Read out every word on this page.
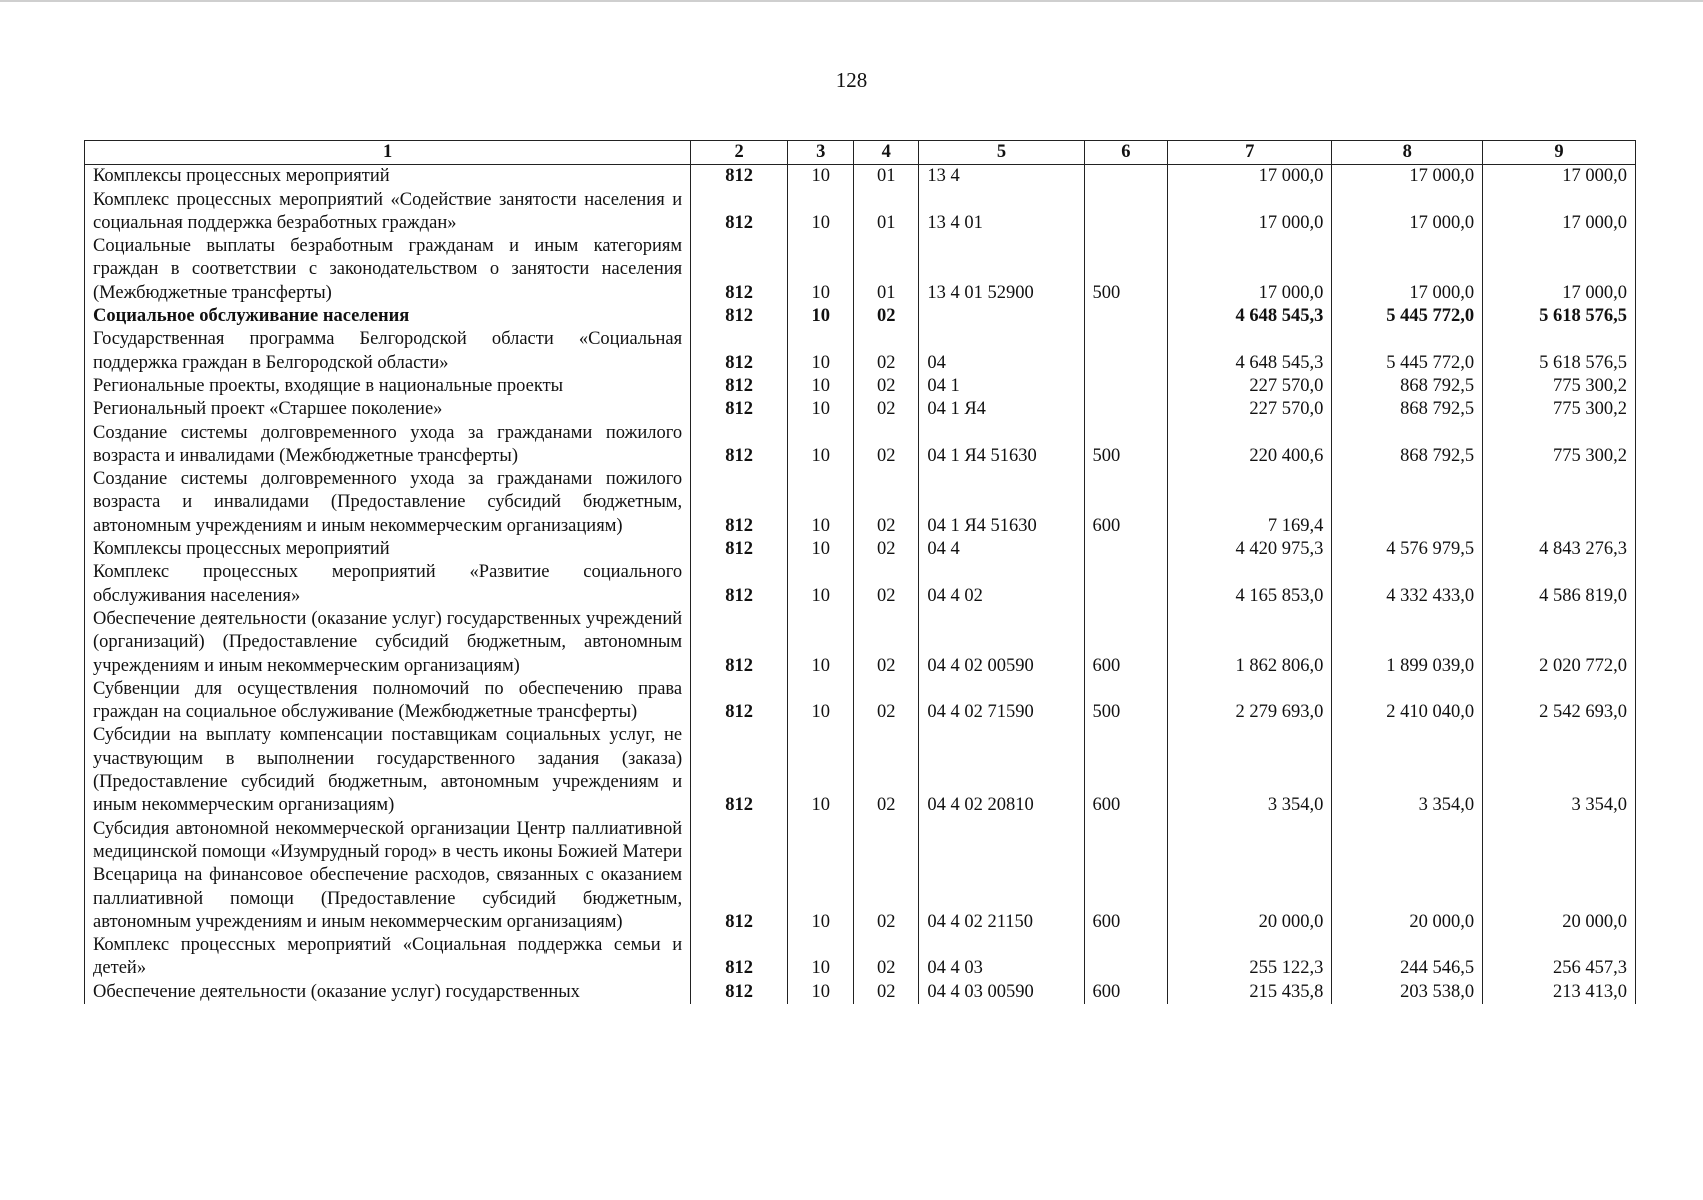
128
1	2	3	4	5	6	7	8	9
Комплексы процессных мероприятий	812	10	01	13 4		17 000,0	17 000,0	17 000,0
Комплекс процессных мероприятий «Содействие занятости населения и социальная поддержка безработных граждан»	812	10	01	13 4 01		17 000,0	17 000,0	17 000,0
Социальные выплаты безработным гражданам и иным категориям граждан в соответствии с законодательством о занятости населения (Межбюджетные трансферты)	812	10	01	13 4 01 52900	500	17 000,0	17 000,0	17 000,0
Социальное обслуживание населения	812	10	02			4 648 545,3	5 445 772,0	5 618 576,5
Государственная программа Белгородской области «Социальная поддержка граждан в Белгородской области»	812	10	02	04		4 648 545,3	5 445 772,0	5 618 576,5
Региональные проекты, входящие в национальные проекты	812	10	02	04 1		227 570,0	868 792,5	775 300,2
Региональный проект «Старшее поколение»	812	10	02	04 1 Я4		227 570,0	868 792,5	775 300,2
Создание системы долговременного ухода за гражданами пожилого возраста и инвалидами (Межбюджетные трансферты)	812	10	02	04 1 Я4 51630	500	220 400,6	868 792,5	775 300,2
Создание системы долговременного ухода за гражданами пожилого возраста и инвалидами (Предоставление субсидий бюджетным, автономным учреждениям и иным некоммерческим организациям)	812	10	02	04 1 Я4 51630	600	7 169,4		
Комплексы процессных мероприятий	812	10	02	04 4		4 420 975,3	4 576 979,5	4 843 276,3
Комплекс процессных мероприятий «Развитие социального обслуживания населения»	812	10	02	04 4 02		4 165 853,0	4 332 433,0	4 586 819,0
Обеспечение деятельности (оказание услуг) государственных учреждений (организаций) (Предоставление субсидий бюджетным, автономным учреждениям и иным некоммерческим организациям)	812	10	02	04 4 02 00590	600	1 862 806,0	1 899 039,0	2 020 772,0
Субвенции для осуществления полномочий по обеспечению права граждан на социальное обслуживание (Межбюджетные трансферты)	812	10	02	04 4 02 71590	500	2 279 693,0	2 410 040,0	2 542 693,0
Субсидии на выплату компенсации поставщикам социальных услуг, не участвующим в выполнении государственного задания (заказа) (Предоставление субсидий бюджетным, автономным учреждениям и иным некоммерческим организациям)	812	10	02	04 4 02 20810	600	3 354,0	3 354,0	3 354,0
Субсидия автономной некоммерческой организации Центр паллиативной медицинской помощи «Изумрудный город» в честь иконы Божией Матери Всецарица на финансовое обеспечение расходов, связанных с оказанием паллиативной помощи (Предоставление субсидий бюджетным, автономным учреждениям и иным некоммерческим организациям)	812	10	02	04 4 02 21150	600	20 000,0	20 000,0	20 000,0
Комплекс процессных мероприятий «Социальная поддержка семьи и детей»	812	10	02	04 4 03		255 122,3	244 546,5	256 457,3
Обеспечение деятельности (оказание услуг) государственных	812	10	02	04 4 03 00590	600	215 435,8	203 538,0	213 413,0
